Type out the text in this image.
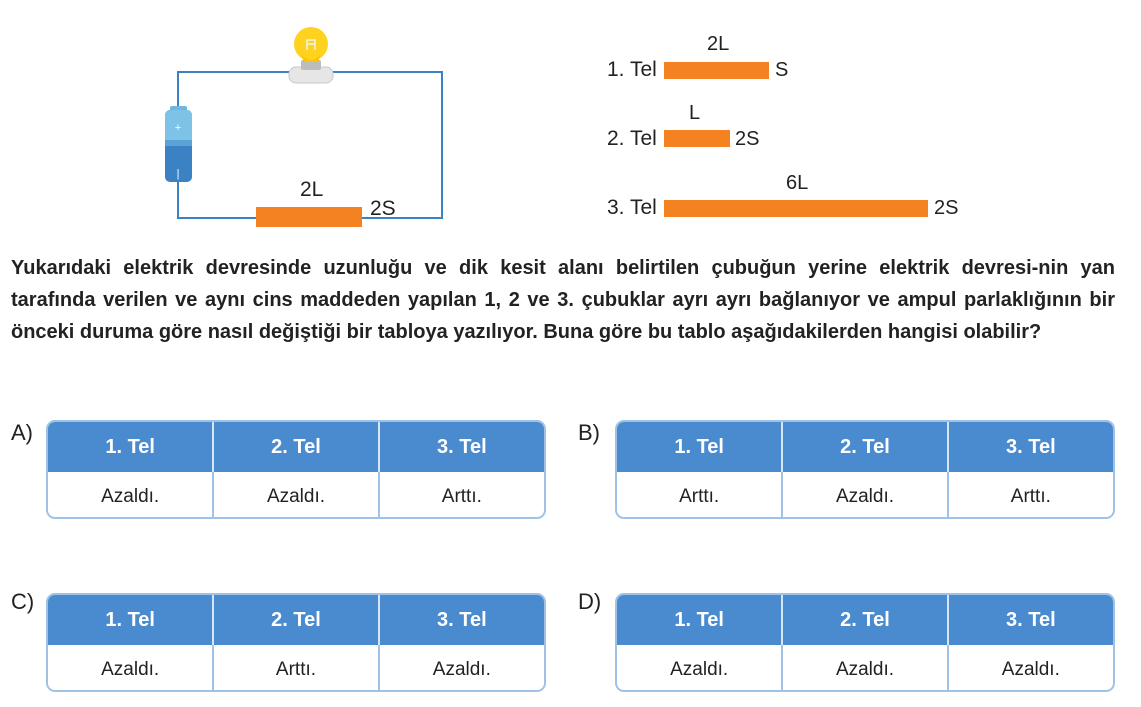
+
|
2L
2S
2L
1. Tel	S
L
2. Tel	2S
6L
3. Tel	2S

Yukarıdaki elektrik devresinde uzunluğu ve dik kesit alanı belirtilen çubuğun yerine elektrik devresi-nin yan tarafında verilen ve aynı cins maddeden yapılan 1, 2 ve 3. çubuklar ayrı ayrı bağlanıyor ve ampul parlaklığının bir önceki duruma göre nasıl değiştiği bir tabloya yazılıyor. Buna göre bu tablo aşağıdakilerden hangisi olabilir?

A)
1. Tel	2. Tel	3. Tel
Azaldı.	Azaldı.	Arttı.
B)
1. Tel	2. Tel	3. Tel
Arttı.	Azaldı.	Arttı.
C)
1. Tel	2. Tel	3. Tel
Azaldı.	Arttı.	Azaldı.
D)
1. Tel	2. Tel	3. Tel
Azaldı.	Azaldı.	Azaldı.
